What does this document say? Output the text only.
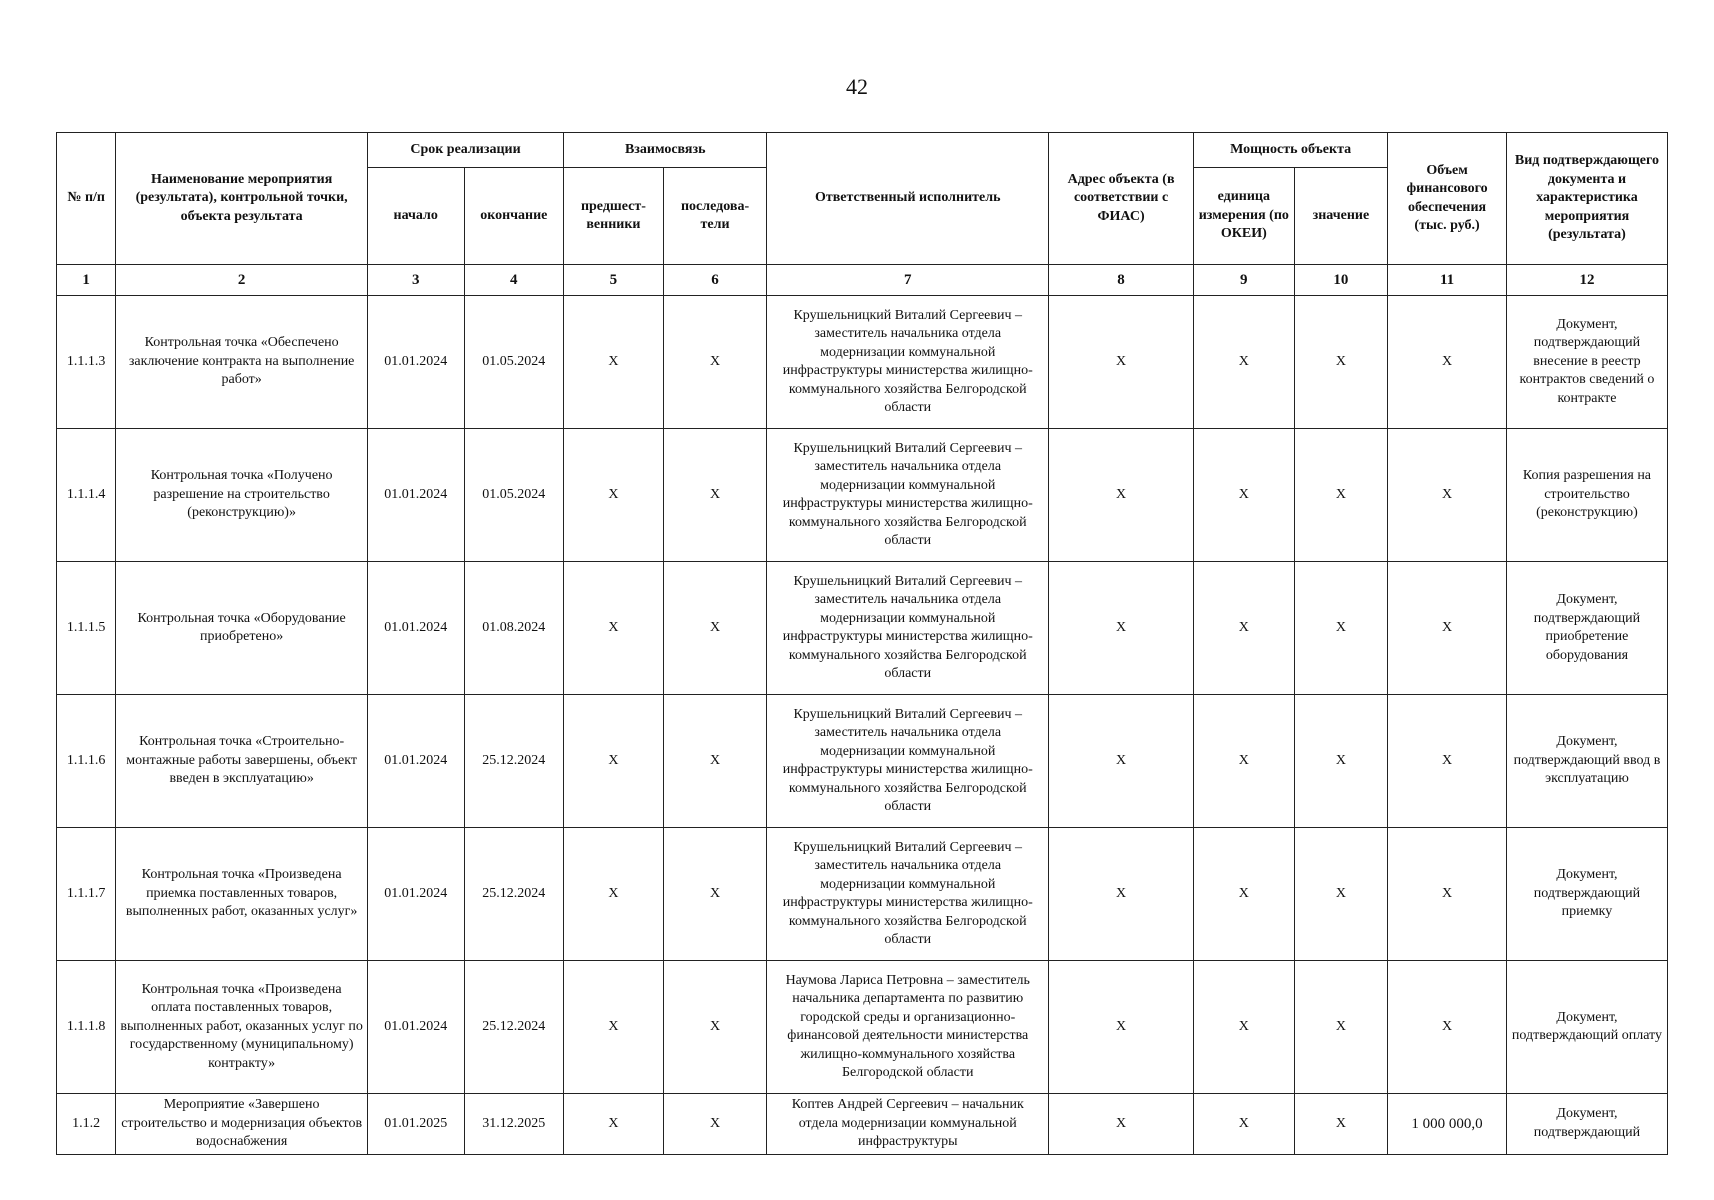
42
№ п/п	Наименование мероприятия (результата), контрольной точки, объекта результата	Срок реализации		Взаимосвязь		Ответственный исполнитель	Адрес объекта (в соответствии с ФИАС)	Мощность объекта		Объем финансового обеспечения (тыс. руб.)	Вид подтверждающего документа и характеристика мероприятия (результата)
		начало	окончание	предшест-венники	последова-тели			единица измерения (по ОКЕИ)	значение		
1	2	3	4	5	6	7	8	9	10	11	12
1.1.1.3	Контрольная точка «Обеспечено заключение контракта на выполнение работ»	01.01.2024	01.05.2024	X	X	Крушельницкий Виталий Сергеевич – заместитель начальника отдела модернизации коммунальной инфраструктуры министерства жилищно-коммунального хозяйства Белгородской области	X	X	X	X	Документ, подтверждающий внесение в реестр контрактов сведений о контракте
1.1.1.4	Контрольная точка «Получено разрешение на строительство (реконструкцию)»	01.01.2024	01.05.2024	X	X	Крушельницкий Виталий Сергеевич – заместитель начальника отдела модернизации коммунальной инфраструктуры министерства жилищно-коммунального хозяйства Белгородской области	X	X	X	X	Копия разрешения на строительство (реконструкцию)
1.1.1.5	Контрольная точка «Оборудование приобретено»	01.01.2024	01.08.2024	X	X	Крушельницкий Виталий Сергеевич – заместитель начальника отдела модернизации коммунальной инфраструктуры министерства жилищно-коммунального хозяйства Белгородской области	X	X	X	X	Документ, подтверждающий приобретение оборудования
1.1.1.6	Контрольная точка «Строительно-монтажные работы завершены, объект введен в эксплуатацию»	01.01.2024	25.12.2024	X	X	Крушельницкий Виталий Сергеевич – заместитель начальника отдела модернизации коммунальной инфраструктуры министерства жилищно-коммунального хозяйства Белгородской области	X	X	X	X	Документ, подтверждающий ввод в эксплуатацию
1.1.1.7	Контрольная точка «Произведена приемка поставленных товаров, выполненных работ, оказанных услуг»	01.01.2024	25.12.2024	X	X	Крушельницкий Виталий Сергеевич – заместитель начальника отдела модернизации коммунальной инфраструктуры министерства жилищно-коммунального хозяйства Белгородской области	X	X	X	X	Документ, подтверждающий приемку
1.1.1.8	Контрольная точка «Произведена оплата поставленных товаров, выполненных работ, оказанных услуг по государственному (муниципальному) контракту»	01.01.2024	25.12.2024	X	X	Наумова Лариса Петровна – заместитель начальника департамента по развитию городской среды и организационно-финансовой деятельности министерства жилищно-коммунального хозяйства Белгородской области	X	X	X	X	Документ, подтверждающий оплату
1.1.2	Мероприятие «Завершено строительство и модернизация объектов водоснабжения	01.01.2025	31.12.2025	X	X	Коптев Андрей Сергеевич – начальник отдела модернизации коммунальной инфраструктуры	X	X	X	1 000 000,0	Документ, подтверждающий
